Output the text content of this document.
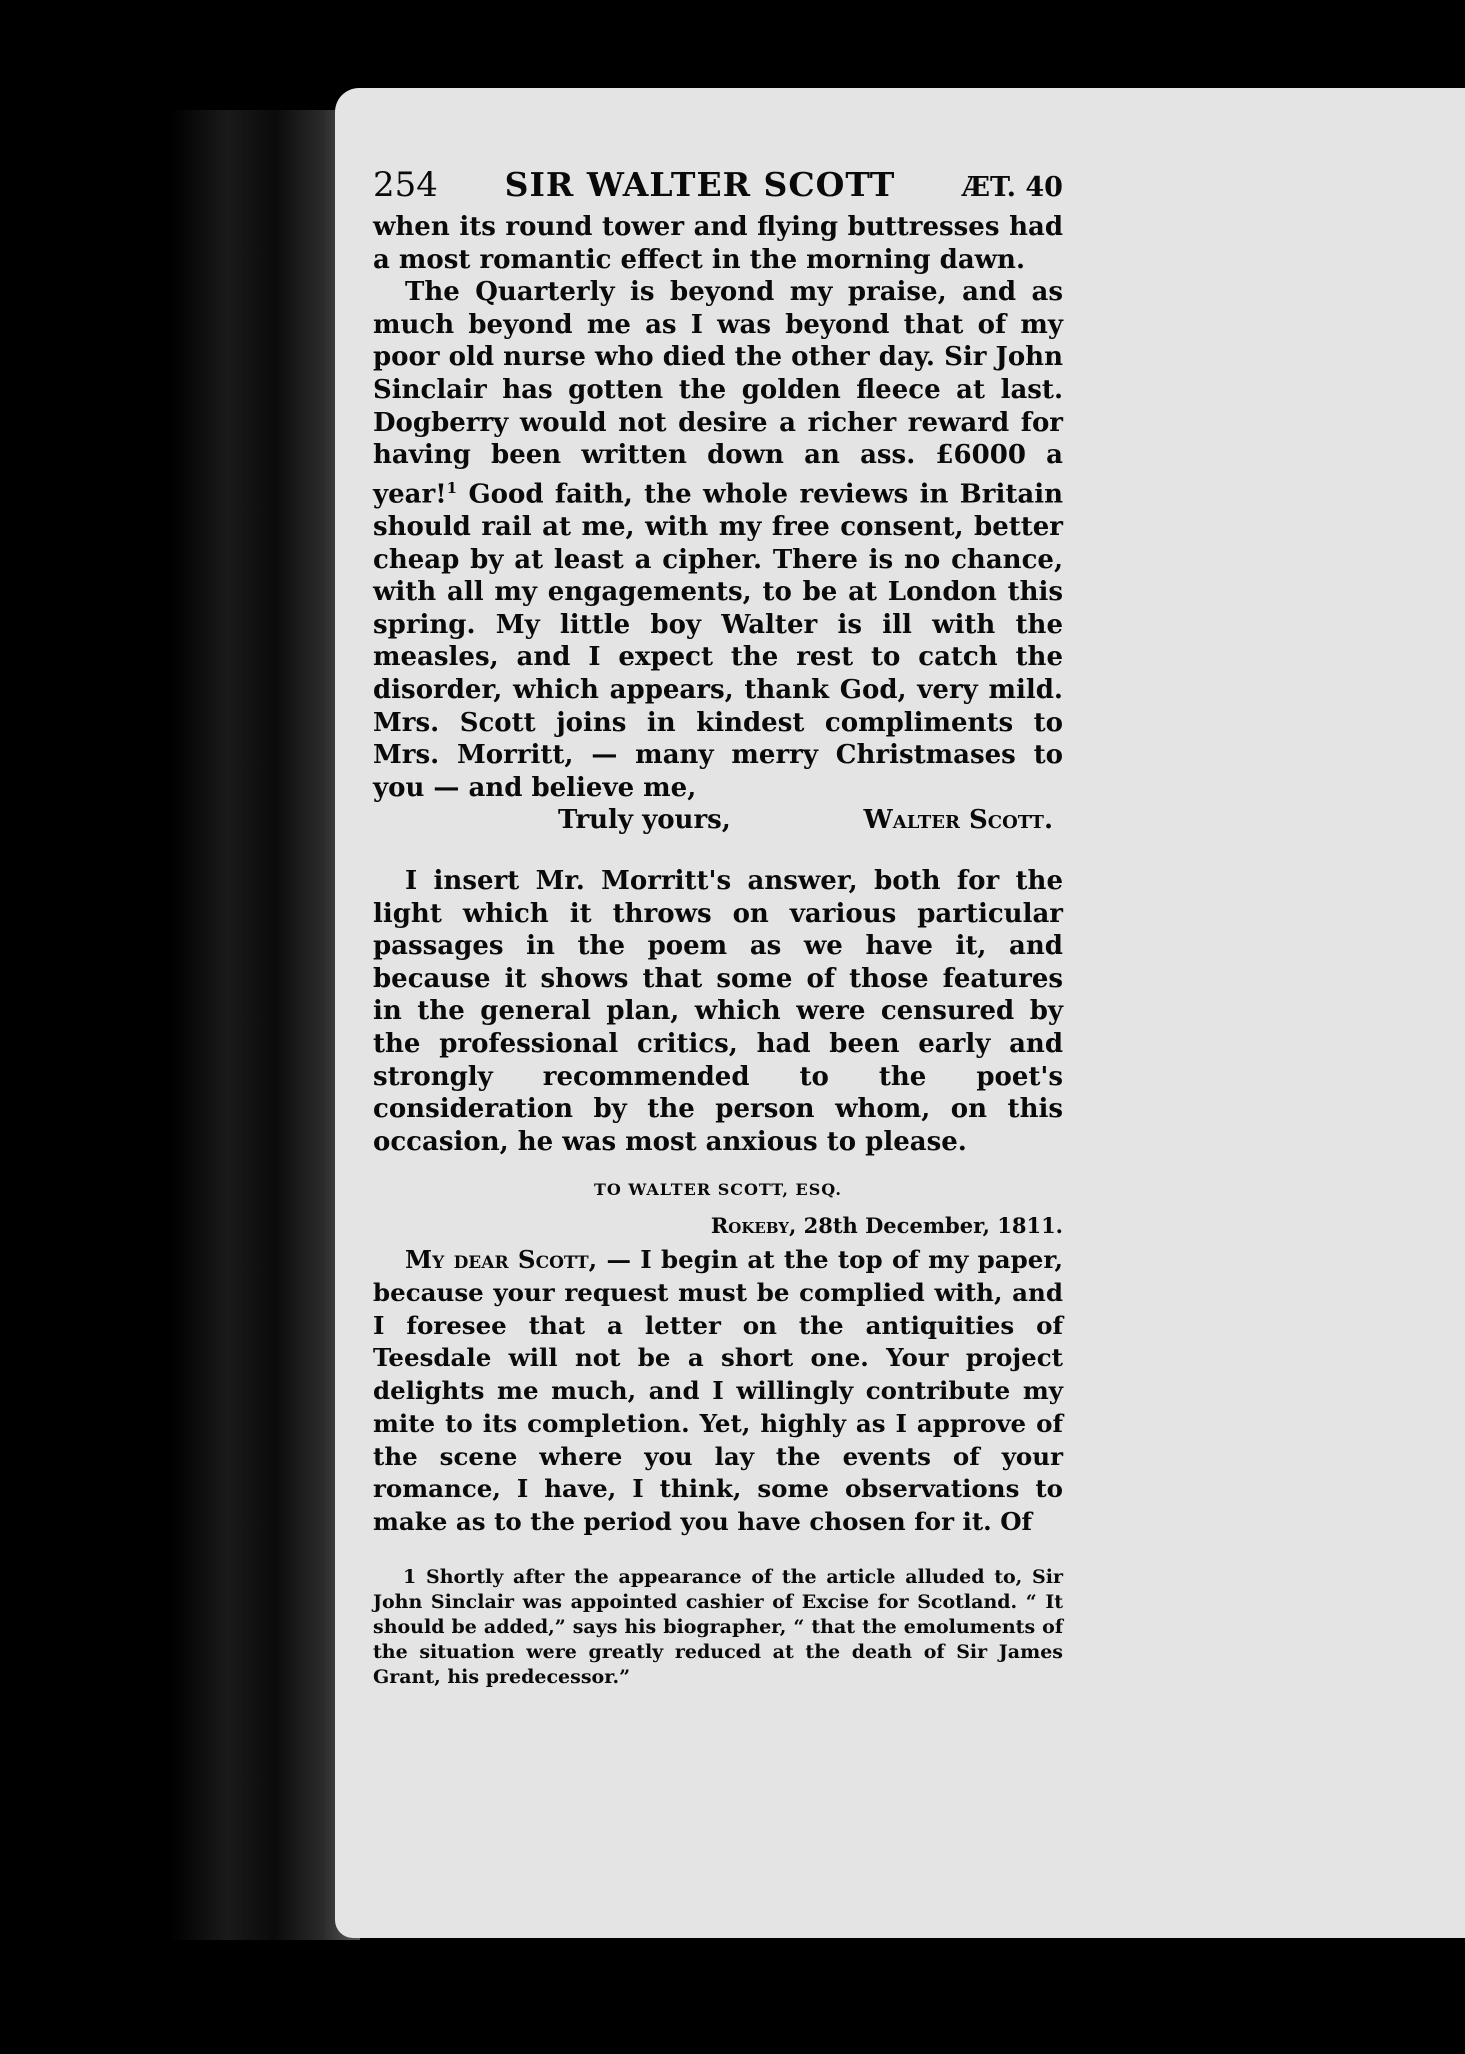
254 SIR WALTER SCOTT ÆT. 40

when its round tower and flying buttresses had a most romantic effect in the morning dawn.

The Quarterly is beyond my praise, and as much beyond me as I was beyond that of my poor old nurse who died the other day. Sir John Sinclair has gotten the golden fleece at last. Dogberry would not desire a richer reward for having been written down an ass. £6000 a year!$^1$ Good faith, the whole reviews in Britain should rail at me, with my free consent, better cheap by at least a cipher. There is no chance, with all my engagements, to be at London this spring. My little boy Walter is ill with the measles, and I expect the rest to catch the disorder, which appears, thank God, very mild. Mrs. Scott joins in kindest compliments to Mrs. Morritt, — many merry Christmases to you — and believe me,

Truly yours,	Walter Scott.

I insert Mr. Morritt's answer, both for the light which it throws on various particular passages in the poem as we have it, and because it shows that some of those features in the general plan, which were censured by the professional critics, had been early and strongly recommended to the poet's consideration by the person whom, on this occasion, he was most anxious to please.

TO WALTER SCOTT, ESQ.
Rokeby, 28th December, 1811.

My dear Scott, — I begin at the top of my paper, because your request must be complied with, and I foresee that a letter on the antiquities of Teesdale will not be a short one. Your project delights me much, and I willingly contribute my mite to its completion. Yet, highly as I approve of the scene where you lay the events of your romance, I have, I think, some observations to make as to the period you have chosen for it. Of

1 Shortly after the appearance of the article alluded to, Sir John Sinclair was appointed cashier of Excise for Scotland. “ It should be added,” says his biographer, “ that the emoluments of the situation were greatly reduced at the death of Sir James Grant, his predecessor.”
